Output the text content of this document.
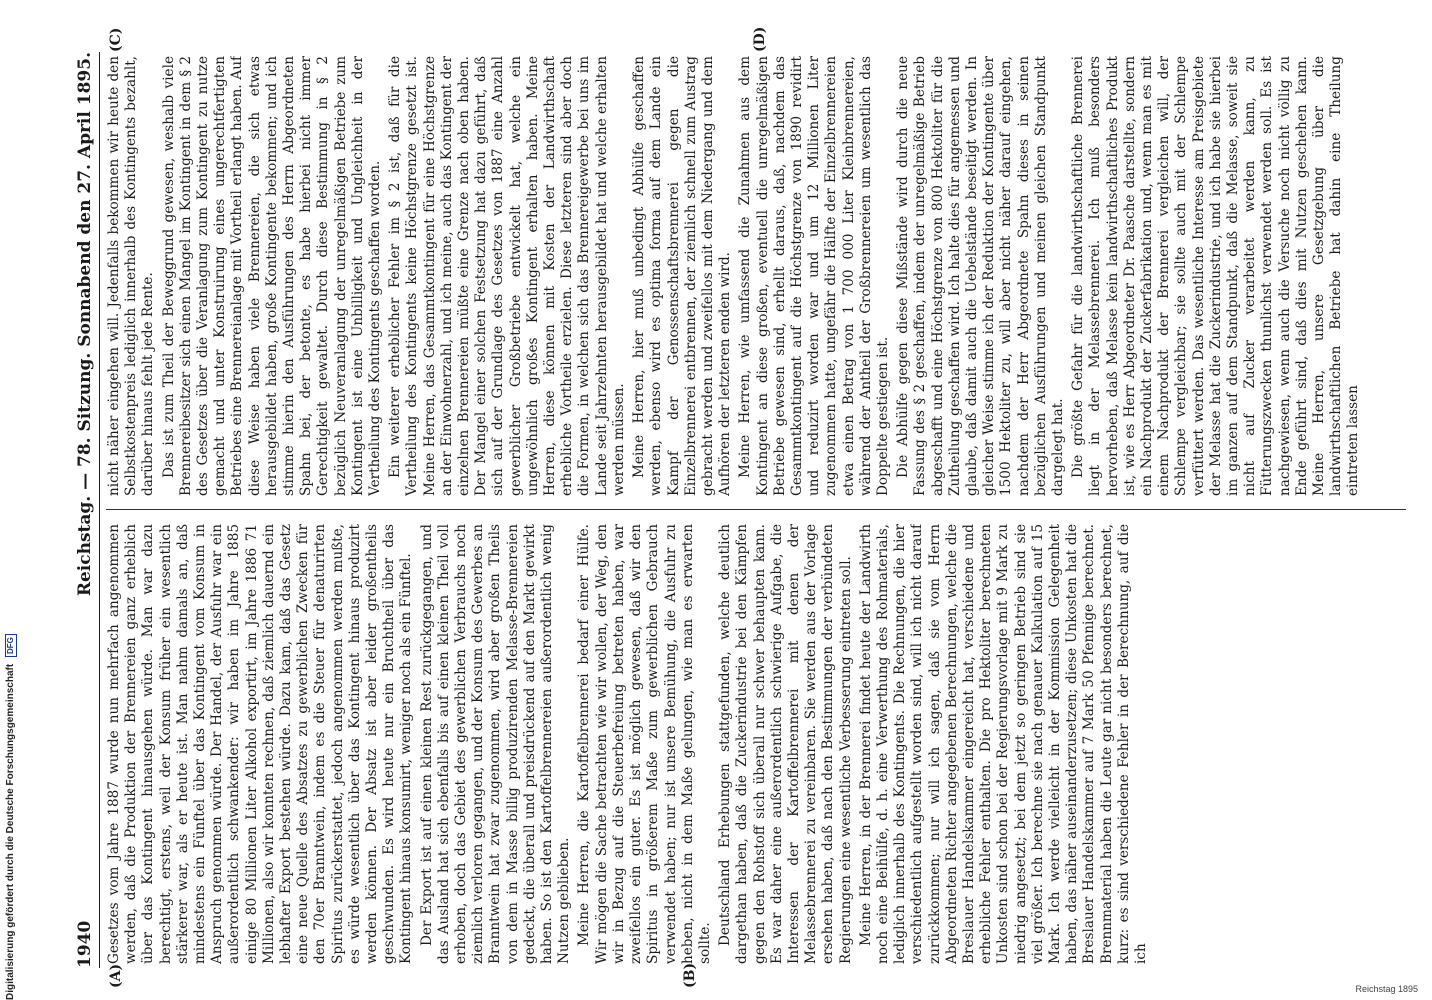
Digitalisierung gefördert durch die Deutsche Forschungsgemeinschaft DFG
1940
Reichstag. — 78. Sitzung. Sonnabend den 27. April 1895.
(A)	(B)
(C)	(D)

Gesetzes vom Jahre 1887 wurde nun mehrfach angenommen werden, daß die Produktion der Brennereien ganz erheblich über das Kontingent hinausgehen würde. Man war dazu berechtigt, erstens, weil der Konsum früher ein wesentlich stärkerer war, als er heute ist. Man nahm damals an, daß mindestens ein Fünftel über das Kontingent vom Konsum in Anspruch genommen würde. Der Handel, der Ausfuhr war ein außerordentlich schwankender: wir haben im Jahre 1885 einige 80 Millionen Liter Alkohol exportirt, im Jahre 1886 71 Millionen, also wir konnten rechnen, daß ziemlich dauernd ein lebhafter Export bestehen würde. Dazu kam, daß das Gesetz eine neue Quelle des Absatzes zu gewerblichen Zwecken für den 70er Branntwein, indem es die Steuer für denaturirten Spiritus zurückerstattet, jedoch angenommen werden mußte, es würde wesentlich über das Kontingent hinaus produzirt werden können. Der Absatz ist aber leider großentheils geschwunden. Es wird heute nur ein Bruchtheil über das Kontingent hinaus konsumirt, weniger noch als ein Fünftel. Der Export ist auf einen kleinen Rest zurückgegangen, und das Ausland hat sich ebenfalls bis auf einen kleinen Theil voll erhoben, doch das Gebiet des gewerblichen Verbrauchs noch ziemlich verloren gegangen, und der Konsum des Gewerbes an Branntwein hat zwar zugenommen, wird aber großen Theils von dem in Masse billig produzirenden Melasse-Brennereien gedeckt, die überall und preisdrückend auf den Markt gewirkt haben. So ist den Kartoffelbrennereien außerordentlich wenig Nutzen geblieben. Meine Herren, die Kartoffelbrennerei bedarf einer Hülfe. Wir mögen die Sache betrachten wie wir wollen, der Weg, den wir in Bezug auf die Steuerbefreiung betreten haben, war zweifellos ein guter. Es ist möglich gewesen, daß wir den Spiritus in größerem Maße zum gewerblichen Gebrauch verwendet haben; nur ist unsere Bemühung, die Ausfuhr zu heben, nicht in dem Maße gelungen, wie man es erwarten sollte. Deutschland Erhebungen stattgefunden, welche deutlich dargethan haben, daß die Zuckerindustrie bei den Kämpfen gegen den Rohstoff sich überall nur schwer behaupten kann. Es war daher eine außerordentlich schwierige Aufgabe, die Interessen der Kartoffelbrennerei mit denen der Melassebrennerei zu vereinbaren. Sie werden aus der Vorlage ersehen haben, daß nach den Bestimmungen der verbündeten Regierungen eine wesentliche Verbesserung eintreten soll. Meine Herren, in der Brennerei findet heute der Landwirth noch eine Beihülfe, d. h. eine Verwerthung des Rohmaterials, lediglich innerhalb des Kontingents. Die Rechnungen, die hier verschiedentlich aufgestellt worden sind, will ich nicht darauf zurückkommen; nur will ich sagen, daß sie vom Herrn Abgeordneten Richter angegebenen Berechnungen, welche die Breslauer Handelskammer eingereicht hat, verschiedene und erhebliche Fehler enthalten. Die pro Hektoliter berechneten Unkosten sind schon bei der Regierungsvorlage mit 9 Mark zu niedrig angesetzt; bei dem jetzt so geringen Betrieb sind sie viel größer. Ich berechne sie nach genauer Kalkulation auf 15 Mark. Ich werde vielleicht in der Kommission Gelegenheit haben, das näher auseinanderzusetzen; diese Unkosten hat die Breslauer Handelskammer auf 7 Mark 50 Pfennige berechnet. Brennmaterial haben die Leute gar nicht besonders berechnet, kurz: es sind verschiedene Fehler in der Berechnung, auf die ich

nicht näher eingehen will. Jedenfalls bekommen wir heute den Selbstkostenpreis lediglich innerhalb des Kontingents bezahlt, darüber hinaus fehlt jede Rente. Das ist zum Theil der Beweggrund gewesen, weshalb viele Brennereibesitzer sich einen Mangel im Kontingent in dem § 2 des Gesetzes über die Veranlagung zum Kontingent zu nutze gemacht und unter Konstruirung eines ungerechtfertigten Betriebes eine Brennereianlage mit Vortheil erlangt haben. Auf diese Weise haben viele Brennereien, die sich etwas herausgebildet haben, große Kontingente bekommen; und ich stimme hierin den Ausführungen des Herrn Abgeordneten Spahn bei, der betonte, es habe hierbei nicht immer Gerechtigkeit gewaltet. Durch diese Bestimmung in § 2 bezüglich Neuveranlagung der unregelmäßigen Betriebe zum Kontingent ist eine Unbilligkeit und Ungleichheit in der Vertheilung des Kontingents geschaffen worden. Ein weiterer erheblicher Fehler im § 2 ist, daß für die Vertheilung des Kontingents keine Höchstgrenze gesetzt ist. Meine Herren, das Gesammtkontingent für eine Höchstgrenze an der Einwohnerzahl, und ich meine, auch das Kontingent der einzelnen Brennereien müßte eine Grenze nach oben haben. Der Mangel einer solchen Festsetzung hat dazu geführt, daß sich auf der Grundlage des Gesetzes von 1887 eine Anzahl gewerblicher Großbetriebe entwickelt hat, welche ein ungewöhnlich großes Kontingent erhalten haben. Meine Herren, diese können mit Kosten der Landwirthschaft erhebliche Vortheile erzielen. Diese letzteren sind aber doch die Formen, in welchen sich das Brennereigewerbe bei uns im Lande seit Jahrzehnten herausgebildet hat und welche erhalten werden müssen. Meine Herren, hier muß unbedingt Abhülfe geschaffen werden, ebenso wird es optima forma auf dem Lande ein Kampf der Genossenschaftsbrennerei gegen die Einzelbrennerei entbrennen, der ziemlich schnell zum Austrag gebracht werden und zweifellos mit dem Niedergang und dem Aufhören der letzteren enden wird. Meine Herren, wie umfassend die Zunahmen aus dem Kontingent an diese großen, eventuell die unregelmäßigen Betriebe gewesen sind, erhellt daraus, daß, nachdem das Gesammtkontingent auf die Höchstgrenze von 1890 revidirt und reduzirt worden war und um 12 Millionen Liter zugenommen hatte, ungefähr die Hälfte der Einzelbrennereien etwa einen Betrag von 1 700 000 Liter Kleinbrennereien, während der Antheil der Großbrennereien um wesentlich das Doppelte gestiegen ist. Die Abhülfe gegen diese Mißstände wird durch die neue Fassung des § 2 geschaffen, indem der unregelmäßige Betrieb abgeschafft und eine Höchstgrenze von 800 Hektoliter für die Zutheilung geschaffen wird. Ich halte dies für angemessen und glaube, daß damit auch die Uebelstände beseitigt werden. In gleicher Weise stimme ich der Reduktion der Kontingente über 1500 Hektoliter zu, will aber nicht näher darauf eingehen, nachdem der Herr Abgeordnete Spahn dieses in seinen bezüglichen Ausführungen und meinen gleichen Standpunkt dargelegt hat. Die größte Gefahr für die landwirthschaftliche Brennerei liegt in der Melassebrennerei. Ich muß besonders hervorheben, daß Melasse kein landwirthschaftliches Produkt ist, wie es Herr Abgeordneter Dr. Paasche darstellte, sondern ein Nachprodukt der Zuckerfabrikation und, wenn man es mit einem Nachprodukt der Brennerei vergleichen will, der Schlempe vergleichbar; sie sollte auch mit der Schlempe verfüttert werden. Das wesentliche Interesse am Preisgebiete der Melasse hat die Zuckerindustrie, und ich habe sie hierbei im ganzen auf dem Standpunkt, daß die Melasse, soweit sie nicht auf Zucker verarbeitet werden kann, zu Fütterungszwecken thunlichst verwendet werden soll. Es ist nachgewiesen, wenn auch die Versuche noch nicht völlig zu Ende geführt sind, daß dies mit Nutzen geschehen kann. Meine Herren, unsere Gesetzgebung über die landwirthschaftlichen Betriebe hat dahin eine Theilung eintreten lassen

Reichstag 1895
